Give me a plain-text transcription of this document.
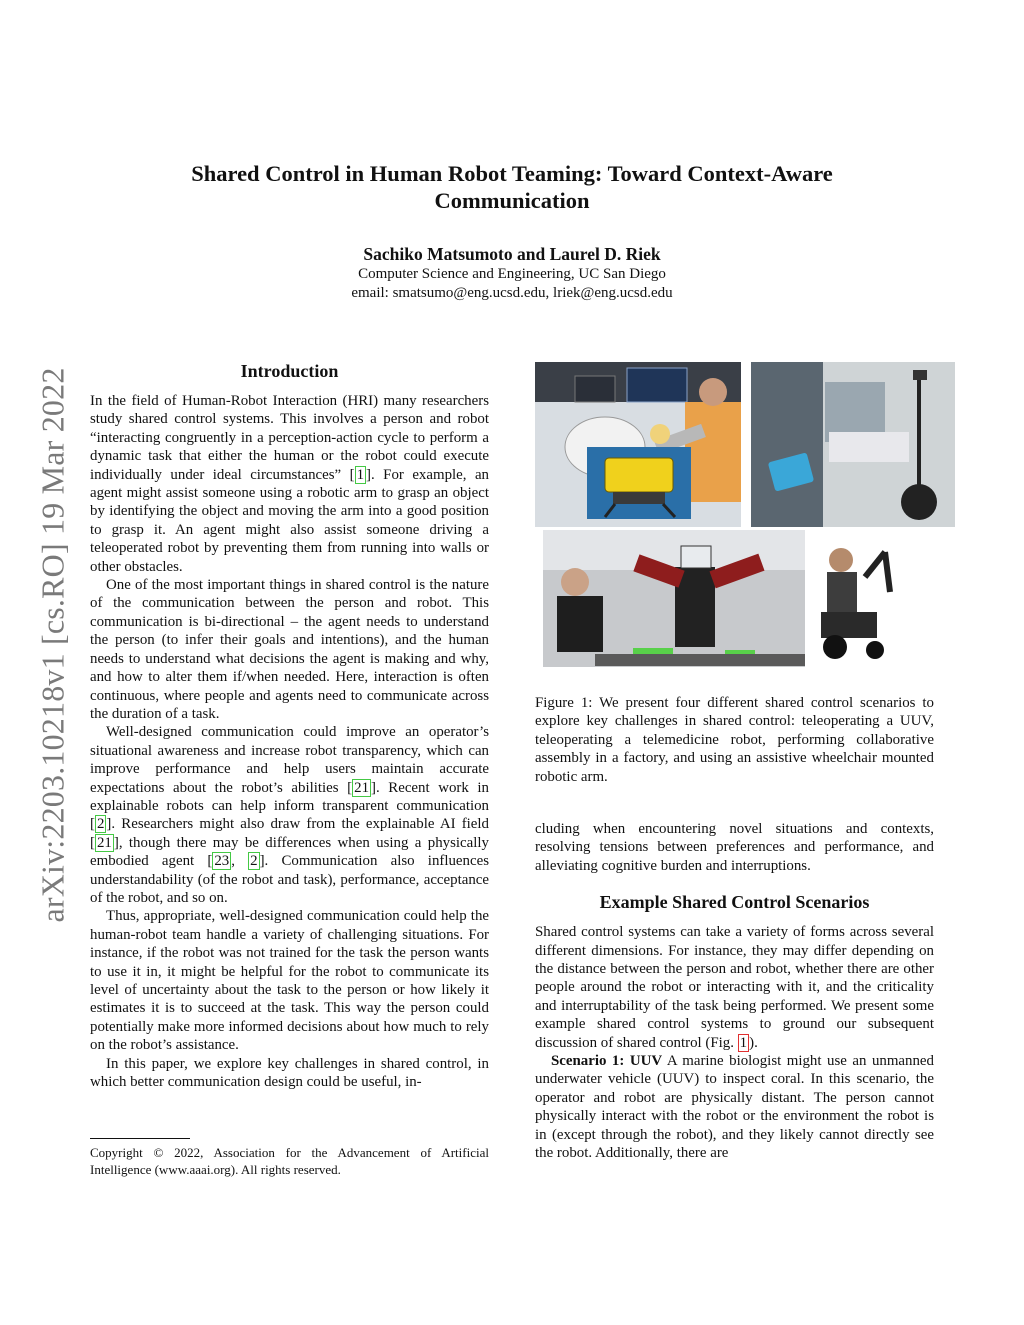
arXiv:2203.10218v1 [cs.RO] 19 Mar 2022
Shared Control in Human Robot Teaming: Toward Context-Aware Communication
Sachiko Matsumoto and Laurel D. Riek
Computer Science and Engineering, UC San Diego
email: smatsumo@eng.ucsd.edu, lriek@eng.ucsd.edu
Introduction

In the field of Human-Robot Interaction (HRI) many researchers study shared control systems. This involves a person and robot “interacting congruently in a perception-action cycle to perform a dynamic task that either the human or the robot could execute individually under ideal circumstances” [ 1 ]. For example, an agent might assist someone using a robotic arm to grasp an object by identifying the object and moving the arm into a good position to grasp it. An agent might also assist someone driving a teleoperated robot by preventing them from running into walls or other obstacles.

One of the most important things in shared control is the nature of the communication between the person and robot. This communication is bi-directional – the agent needs to understand the person (to infer their goals and intentions), and the human needs to understand what decisions the agent is making and why, and how to alter them if/when needed. Here, interaction is often continuous, where people and agents need to communicate across the duration of a task.

Well-designed communication could improve an operator’s situational awareness and increase robot transparency, which can improve performance and help users maintain accurate expectations about the robot’s abilities [ 21 ]. Recent work in explainable robots can help inform transparent communication [ 2 ]. Researchers might also draw from the explainable AI field [ 21 ], though there may be differences when using a physically embodied agent [ 23 , 2 ]. Communication also influences understandability (of the robot and task), performance, acceptance of the robot, and so on.

Thus, appropriate, well-designed communication could help the human-robot team handle a variety of challenging situations. For instance, if the robot was not trained for the task the person wants to use it in, it might be helpful for the robot to communicate its level of uncertainty about the task to the person or how likely it estimates it is to succeed at the task. This way the person could potentially make more informed decisions about how much to rely on the robot’s assistance.

In this paper, we explore key challenges in shared control, in which better communication design could be useful, in-

Copyright © 2022, Association for the Advancement of Artificial Intelligence (www.aaai.org). All rights reserved.
Figure 1: We present four different shared control scenarios to explore key challenges in shared control: teleoperating a UUV, teleoperating a telemedicine robot, performing collaborative assembly in a factory, and using an assistive wheelchair mounted robotic arm.

cluding when encountering novel situations and contexts, resolving tensions between preferences and performance, and alleviating cognitive burden and interruptions.

Example Shared Control Scenarios

Shared control systems can take a variety of forms across several different dimensions. For instance, they may differ depending on the distance between the person and robot, whether there are other people around the robot or interacting with it, and the criticality and interruptability of the task being performed. We present some example shared control systems to ground our subsequent discussion of shared control (Fig. 1 ).

Scenario 1: UUV A marine biologist might use an unmanned underwater vehicle (UUV) to inspect coral. In this scenario, the operator and robot are physically distant. The person cannot physically interact with the robot or the environment the robot is in (except through the robot), and they likely cannot directly see the robot. Additionally, there are
